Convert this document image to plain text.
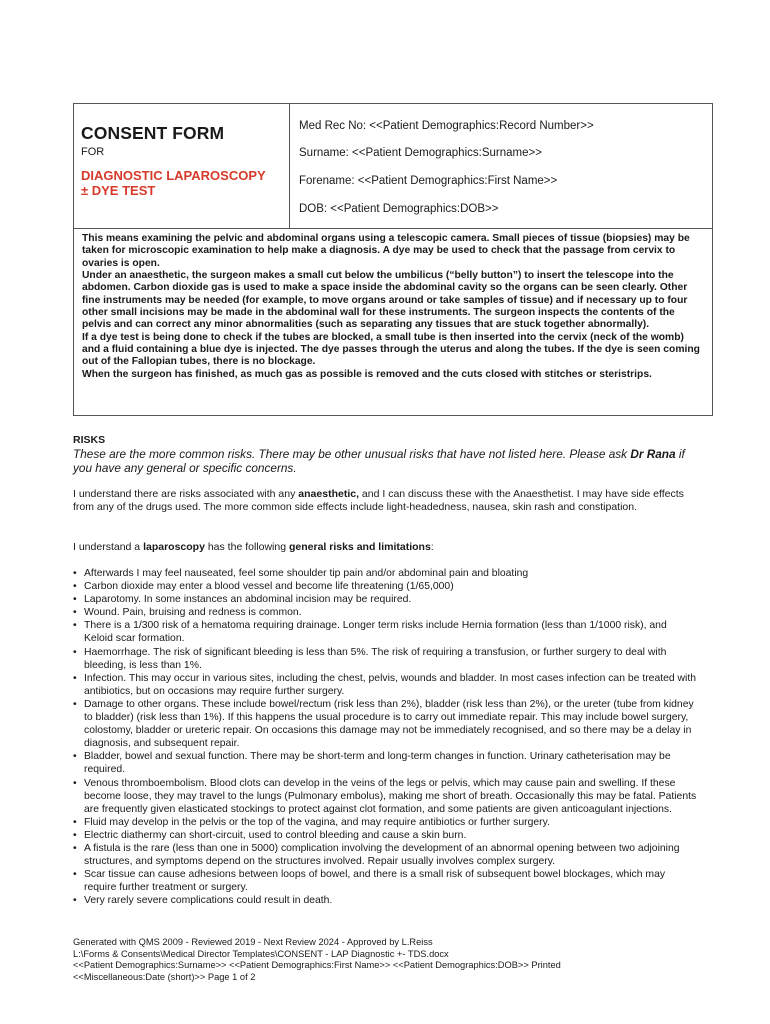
CONSENT FORM
FOR
DIAGNOSTIC LAPAROSCOPY
± DYE TEST
Med Rec No: <<Patient Demographics:Record Number>>
Surname: <<Patient Demographics:Surname>>
Forename: <<Patient Demographics:First Name>>
DOB: <<Patient Demographics:DOB>>

This means examining the pelvic and abdominal organs using a telescopic camera. Small pieces of tissue (biopsies) may be taken for microscopic examination to help make a diagnosis. A dye may be used to check that the passage from cervix to ovaries is open.

Under an anaesthetic, the surgeon makes a small cut below the umbilicus (“belly button”) to insert the telescope into the abdomen. Carbon dioxide gas is used to make a space inside the abdominal cavity so the organs can be seen clearly. Other fine instruments may be needed (for example, to move organs around or take samples of tissue) and if necessary up to four other small incisions may be made in the abdominal wall for these instruments. The surgeon inspects the contents of the pelvis and can correct any minor abnormalities (such as separating any tissues that are stuck together abnormally).

If a dye test is being done to check if the tubes are blocked, a small tube is then inserted into the cervix (neck of the womb) and a fluid containing a blue dye is injected. The dye passes through the uterus and along the tubes. If the dye is seen coming out of the Fallopian tubes, there is no blockage.

When the surgeon has finished, as much gas as possible is removed and the cuts closed with stitches or steristrips.

RISKS
These are the more common risks. There may be other unusual risks that have not listed here. Please ask Dr Rana if you have any general or specific concerns.
I understand there are risks associated with any anaesthetic, and I can discuss these with the Anaesthetist. I may have side effects from any of the drugs used. The more common side effects include light-headedness, nausea, skin rash and constipation.
I understand a laparoscopy has the following general risks and limitations:
• Afterwards I may feel nauseated, feel some shoulder tip pain and/or abdominal pain and bloating
• Carbon dioxide may enter a blood vessel and become life threatening (1/65,000)
• Laparotomy. In some instances an abdominal incision may be required.
• Wound. Pain, bruising and redness is common.
• There is a 1/300 risk of a hematoma requiring drainage. Longer term risks include Hernia formation (less than 1/1000 risk), and Keloid scar formation.
• Haemorrhage. The risk of significant bleeding is less than 5%. The risk of requiring a transfusion, or further surgery to deal with bleeding, is less than 1%.
• Infection. This may occur in various sites, including the chest, pelvis, wounds and bladder. In most cases infection can be treated with antibiotics, but on occasions may require further surgery.
• Damage to other organs. These include bowel/rectum (risk less than 2%), bladder (risk less than 2%), or the ureter (tube from kidney to bladder) (risk less than 1%). If this happens the usual procedure is to carry out immediate repair. This may include bowel surgery, colostomy, bladder or ureteric repair. On occasions this damage may not be immediately recognised, and so there may be a delay in diagnosis, and subsequent repair.
• Bladder, bowel and sexual function. There may be short-term and long-term changes in function. Urinary catheterisation may be required.
• Venous thromboembolism. Blood clots can develop in the veins of the legs or pelvis, which may cause pain and swelling. If these become loose, they may travel to the lungs (Pulmonary embolus), making me short of breath. Occasionally this may be fatal. Patients are frequently given elasticated stockings to protect against clot formation, and some patients are given anticoagulant injections.
• Fluid may develop in the pelvis or the top of the vagina, and may require antibiotics or further surgery.
• Electric diathermy can short-circuit, used to control bleeding and cause a skin burn.
• A fistula is the rare (less than one in 5000) complication involving the development of an abnormal opening between two adjoining structures, and symptoms depend on the structures involved. Repair usually involves complex surgery.
• Scar tissue can cause adhesions between loops of bowel, and there is a small risk of subsequent bowel blockages, which may require further treatment or surgery.
• Very rarely severe complications could result in death.
Generated with QMS 2009 - Reviewed 2019 - Next Review 2024 - Approved by L.Reiss
L:\Forms & Consents\Medical Director Templates\CONSENT - LAP Diagnostic +- TDS.docx
<<Patient Demographics:Surname>> <<Patient Demographics:First Name>> <<Patient Demographics:DOB>> Printed
<<Miscellaneous:Date (short)>> Page 1 of 2
